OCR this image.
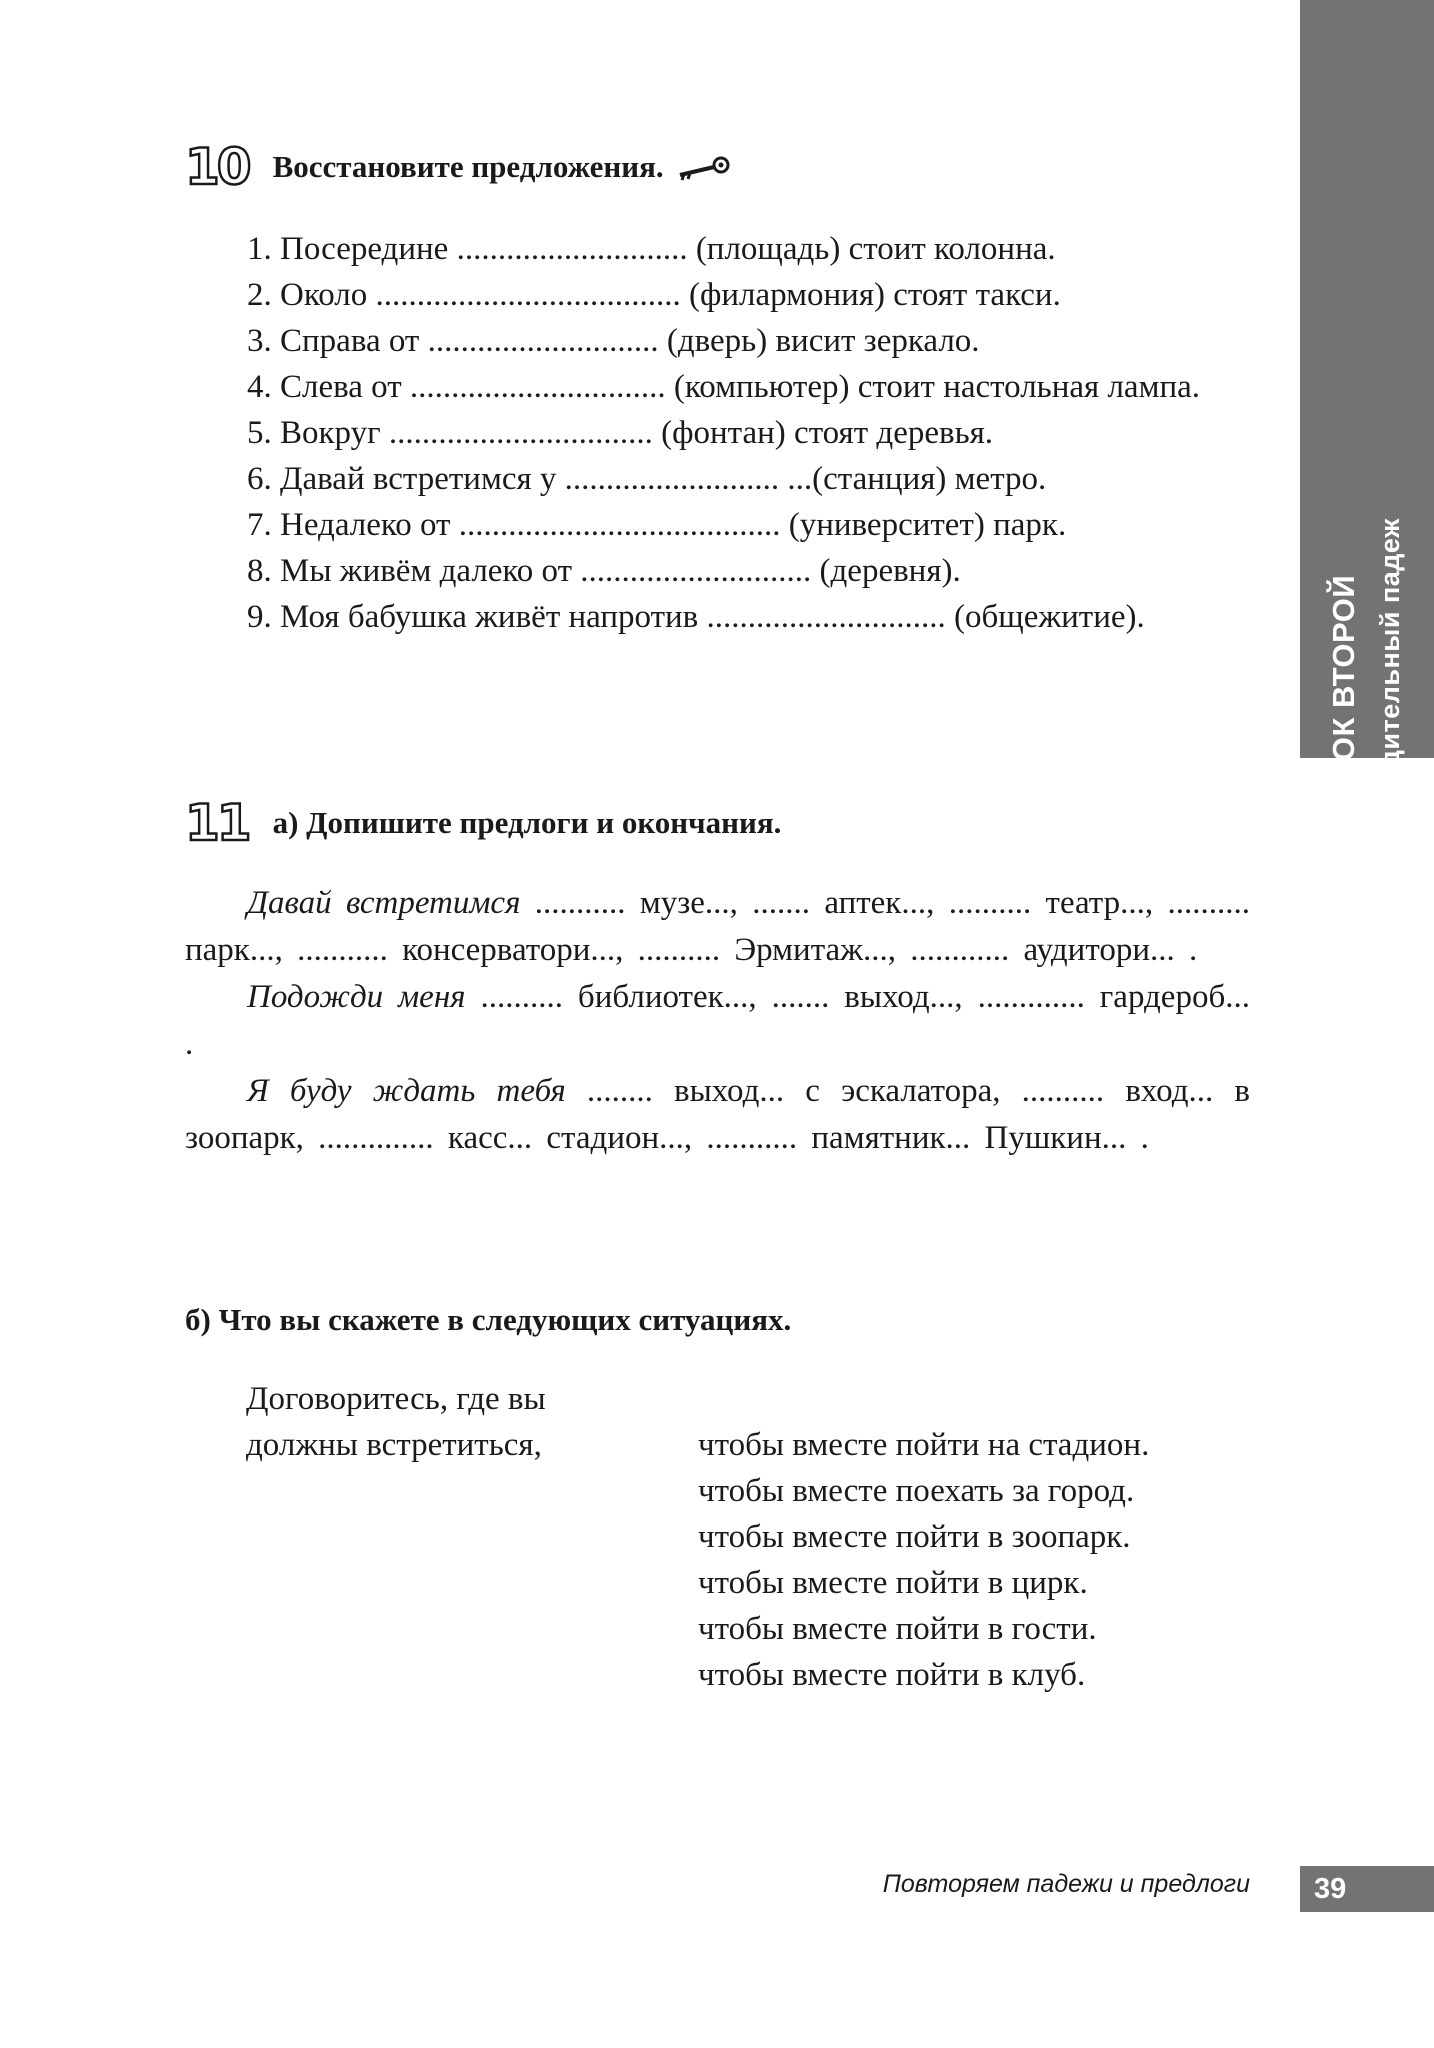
УРОК ВТОРОЙ Родительный падеж
10 Восстановите предложения.
1. Посередине ............................ (площадь) стоит колонна.
2. Около ..................................... (филармония) стоят такси.
3. Справа от ............................ (дверь) висит зеркало.
4. Слева от ............................... (компьютер) стоит настольная лампа.
5. Вокруг ................................ (фонтан) стоят деревья.
6. Давай встретимся у .......................... ...(станция) метро.
7. Недалеко от ....................................... (университет) парк.
8. Мы живём далеко от ............................ (деревня).
9. Моя бабушка живёт напротив ............................. (общежитие).
11 а) Допишите предлоги и окончания.
Давай встретимся ........... музе..., ....... аптек..., .......... театр..., .......... парк..., ........... консерватори..., .......... Эрмитаж..., ............ аудитори... .
Подожди меня .......... библиотек..., ....... выход..., ............. гардероб... .
Я буду ждать тебя ........ выход... с эскалатора, .......... вход... в зоопарк, .............. касс... стадион..., ........... памятник... Пушкин... .
б) Что вы скажете в следующих ситуациях.
Договоритесь, где вы
должны встретиться,	чтобы вместе пойти на стадион.
чтобы вместе поехать за город.
чтобы вместе пойти в зоопарк.
чтобы вместе пойти в цирк.
чтобы вместе пойти в гости.
чтобы вместе пойти в клуб.
Повторяем падежи и предлоги	39
